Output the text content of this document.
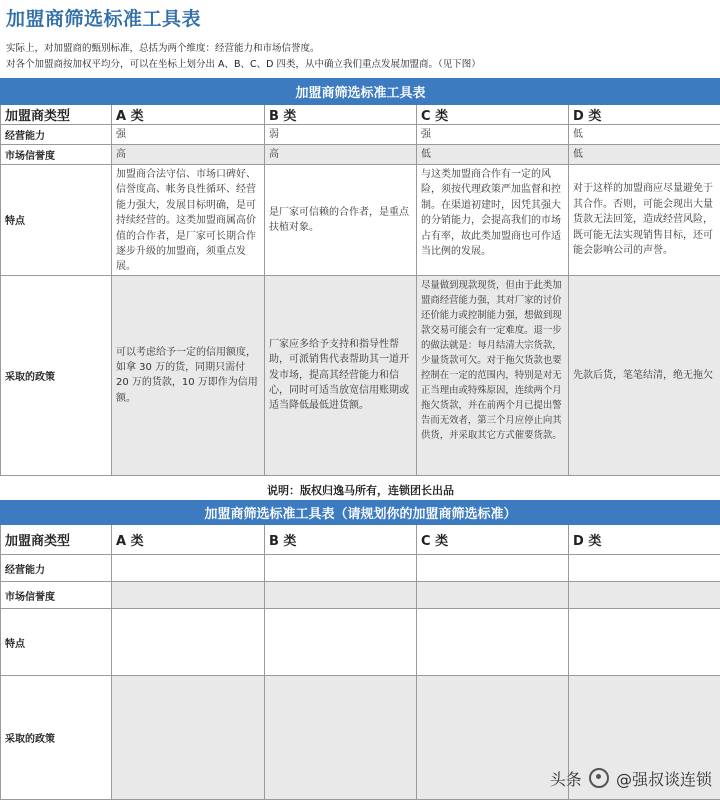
加盟商筛选标准工具表
实际上，对加盟商的甄别标准，总括为两个维度：经营能力和市场信誉度。
对各个加盟商按加权平均分，可以在坐标上划分出 A、B、C、D 四类，从中确立我们重点发展加盟商。（见下图）
加盟商筛选标准工具表				
加盟商类型	A 类	B 类	C 类	D 类
经营能力	强	弱	强	低
市场信誉度	高	高	低	低
特点	加盟商合法守信、市场口碑好、信誉度高、帐务良性循环、经营能力强大，发展目标明确，是可持续经营的。这类加盟商属高价值的合作者，是厂家可长期合作逐步升级的加盟商，须重点发展。	是厂家可信赖的合作者，是重点扶植对象。	与这类加盟商合作有一定的风险，须按代理政策严加监督和控制。在渠道初建时，因凭其强大的分销能力，会提高我们的市场占有率，故此类加盟商也可作适当比例的发展。	对于这样的加盟商应尽量避免于其合作。否则，可能会现出大量货款无法回笼，造成经营风险，既可能无法实现销售目标，还可能会影响公司的声誉。
采取的政策	可以考虑给予一定的信用额度，如拿 30 万的货，同期只需付 20 万的货款，10 万即作为信用额。	厂家应多给予支持和指导性帮助，可派销售代表帮助其一道开发市场，提高其经营能力和信心，同时可适当放宽信用账期或适当降低最低进货额。	尽量做到现款现货，但由于此类加盟商经营能力强，其对厂家的讨价还价能力或控制能力强，想做到现款交易可能会有一定难度。退一步的做法就是：每月结清大宗货款，少量货款可欠。对于拖欠货款也要控制在一定的范围内，特别是对无正当理由或特殊原因，连续两个月拖欠货款，并在前两个月已提出警告而无效者，第三个月应停止向其供货，并采取其它方式催要货款。	先款后货，笔笔结清，绝无拖欠
说明：版权归逸马所有，连锁团长出品				
加盟商筛选标准工具表（请规划你的加盟商筛选标准）				
加盟商类型	A 类	B 类	C 类	D 类
经营能力				
市场信誉度				
特点				
采取的政策				
头条 @强叔谈连锁
